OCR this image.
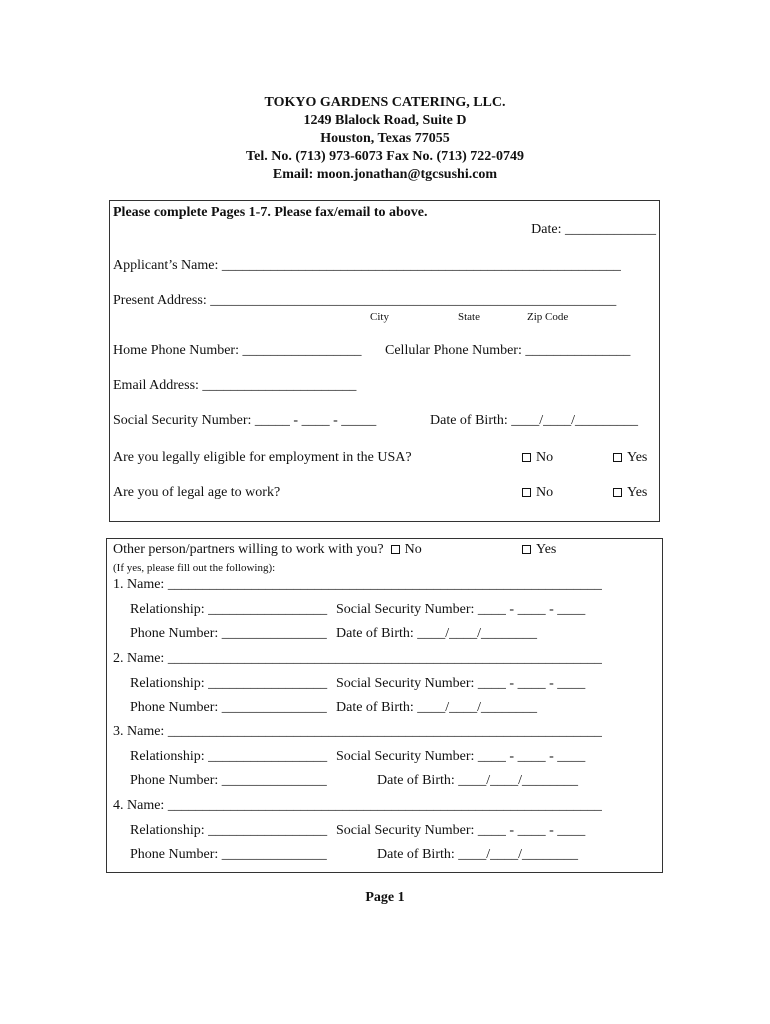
TOKYO GARDENS CATERING, LLC.
1249 Blalock Road, Suite D
Houston, Texas 77055
Tel. No. (713) 973-6073 Fax No. (713) 722-0749
Email: moon.jonathan@tgcsushi.com
Please complete Pages 1-7. Please fax/email to above.
Date: _____________
Applicant’s Name: _________________________________________________________
Present Address: __________________________________________________________
City	State	Zip Code
Home Phone Number: _________________ Cellular Phone Number: _______________
Email Address: ______________________
Social Security Number: _____ - ____ - _____	Date of Birth: ____/____/_________
Are you legally eligible for employment in the USA?	No	Yes
Are you of legal age to work?	No	Yes
Other person/partners willing to work with you? No	Yes
(If yes, please fill out the following):
1. Name: ______________________________________________________________
Relationship: _________________ Social Security Number: ____ - ____ - ____
Phone Number: _______________ Date of Birth: ____/____/________
2. Name: ______________________________________________________________
Relationship: _________________ Social Security Number: ____ - ____ - ____
Phone Number: _______________ Date of Birth: ____/____/________
3. Name: ______________________________________________________________
Relationship: _________________ Social Security Number: ____ - ____ - ____
Phone Number: _______________	Date of Birth: ____/____/________
4. Name: ______________________________________________________________
Relationship: _________________ Social Security Number: ____ - ____ - ____
Phone Number: _______________	Date of Birth: ____/____/________
Page 1
